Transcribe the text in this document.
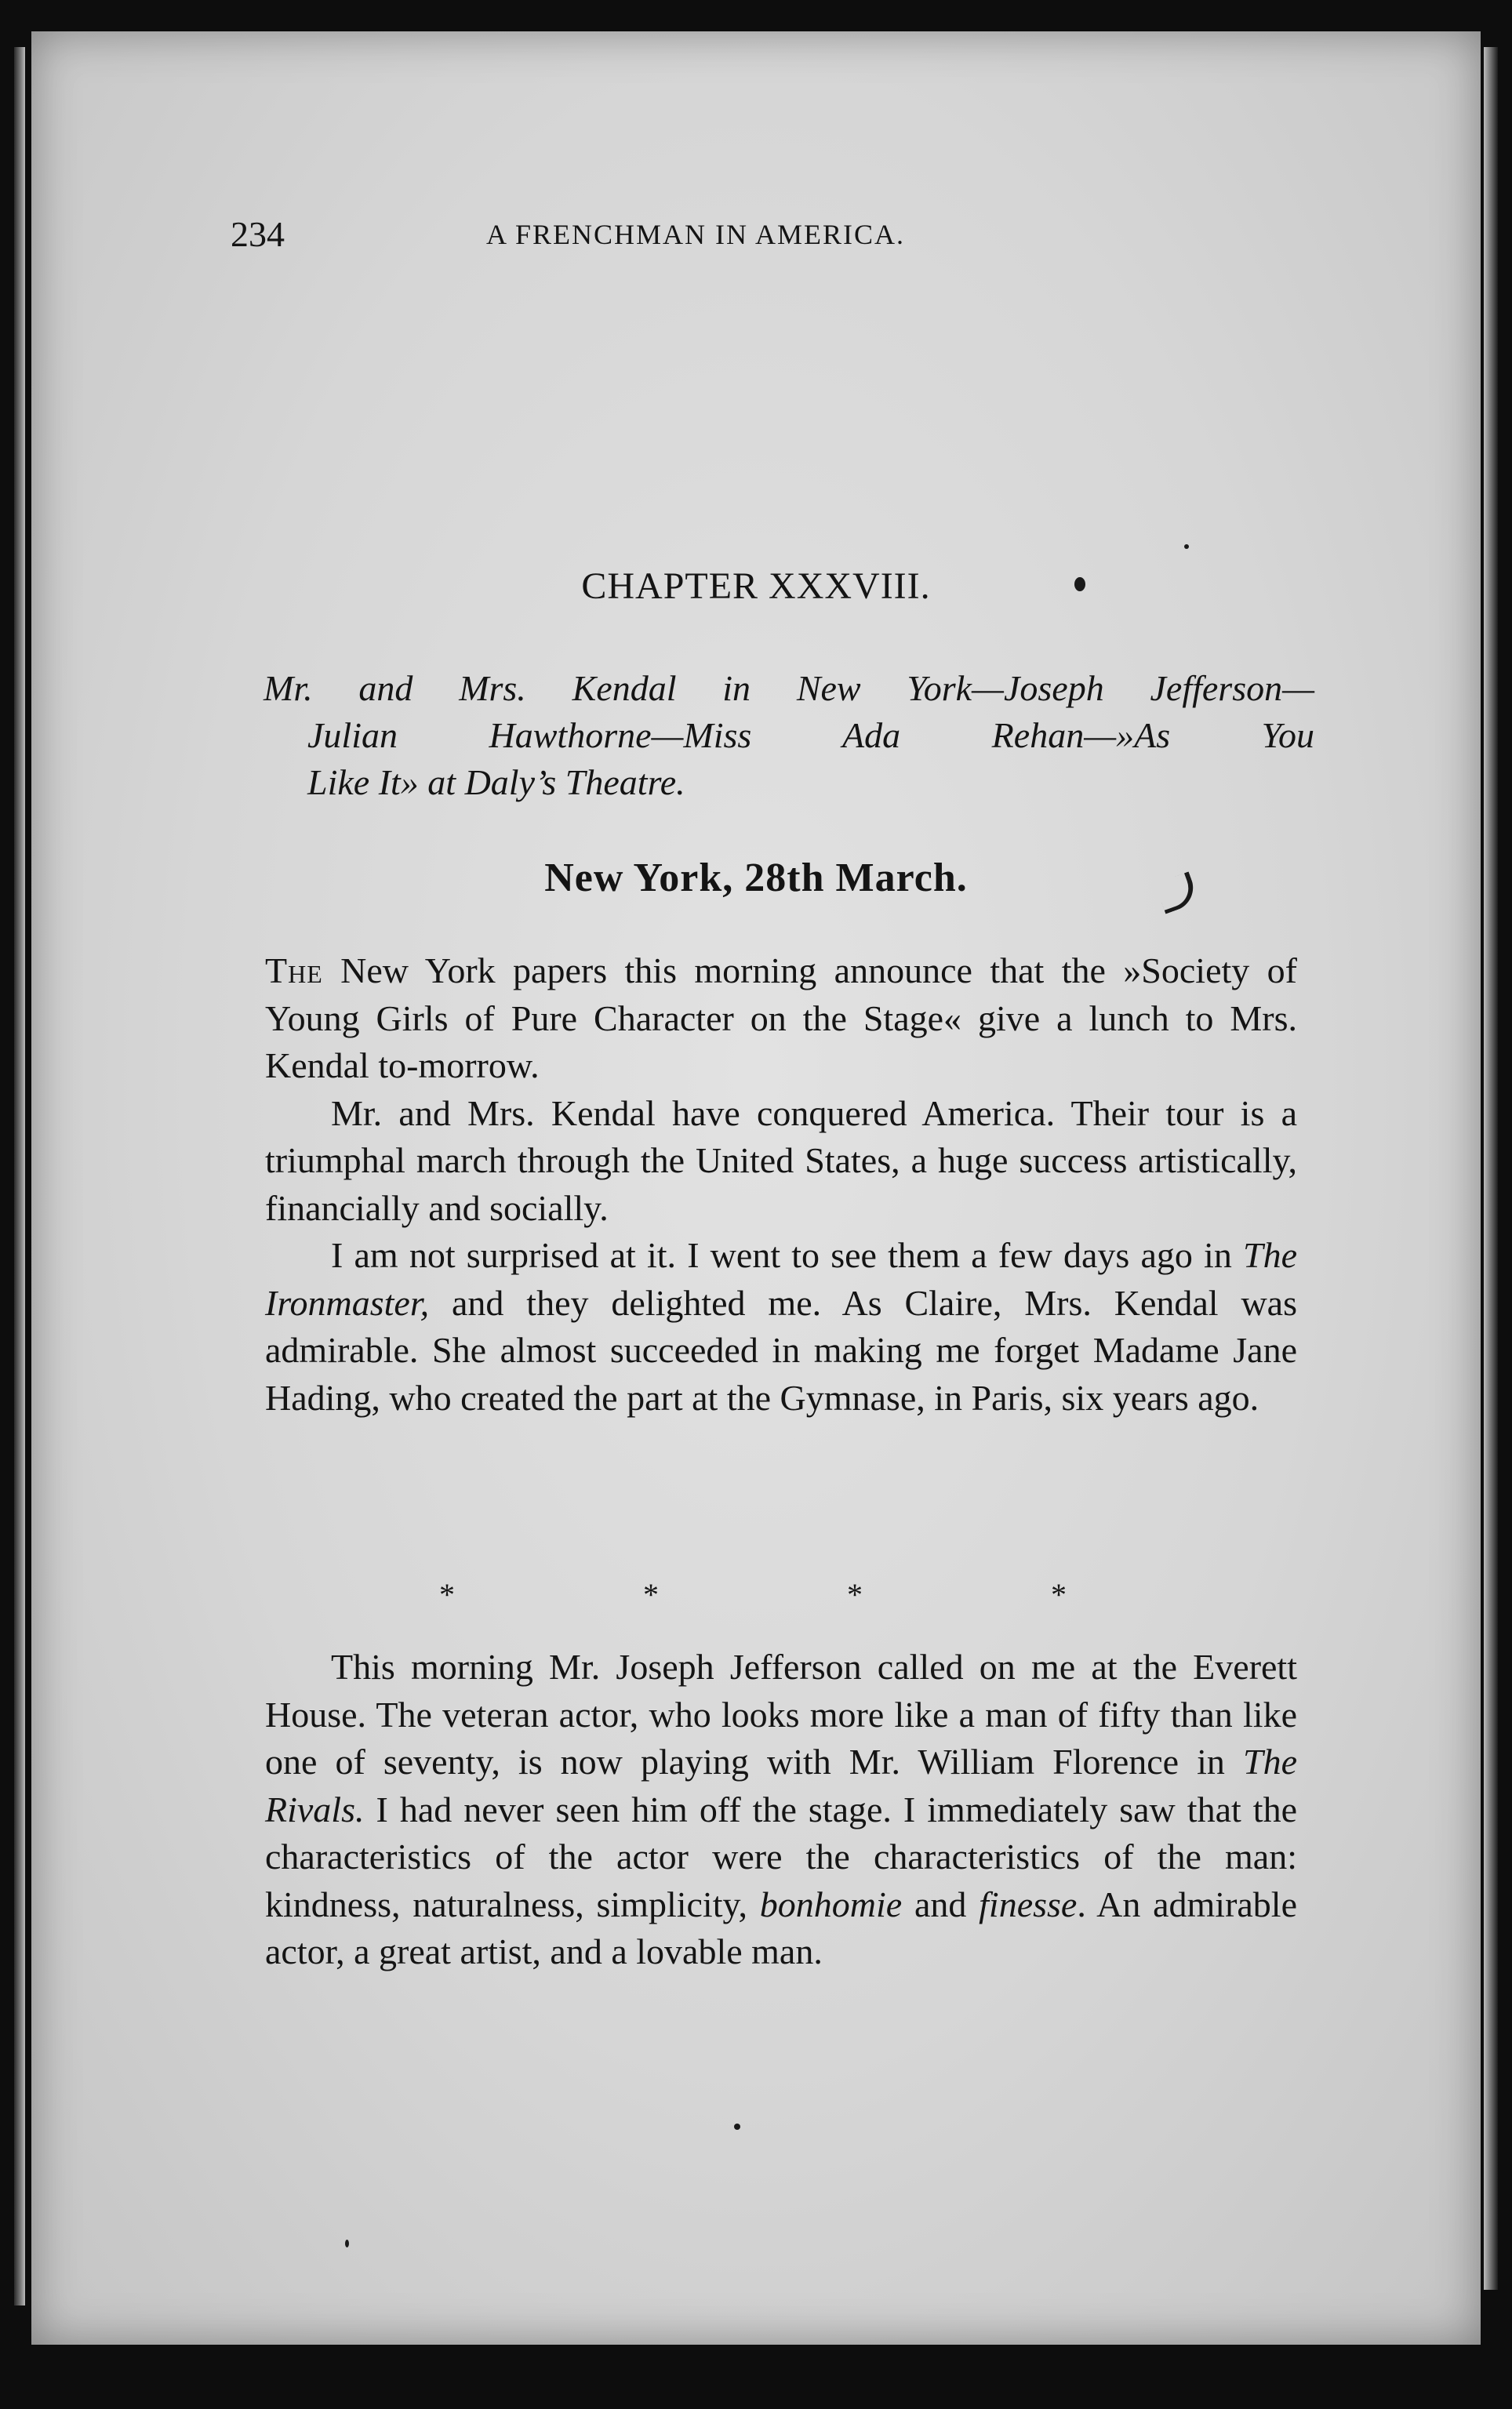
234	A FRENCHMAN IN AMERICA.
CHAPTER XXXVIII.
Mr. and Mrs. Kendal in New York—Joseph Jefferson—
Julian Hawthorne—Miss Ada Rehan—»As You
Like It» at Daly’s Theatre.
New York, 28th March.

The New York papers this morning announce that the »Society of Young Girls of Pure Character on the Stage« give a lunch to Mrs. Kendal to-morrow.

Mr. and Mrs. Kendal have conquered America. Their tour is a triumphal march through the United States, a huge success artistically, financially and socially.

I am not surprised at it. I went to see them a few days ago in The Ironmaster, and they delighted me. As Claire, Mrs. Kendal was admirable. She almost succeeded in making me forget Madame Jane Hading, who created the part at the Gymnase, in Paris, six years ago.

*	*	*	*

This morning Mr. Joseph Jefferson called on me at the Everett House. The veteran actor, who looks more like a man of fifty than like one of seventy, is now playing with Mr. William Florence in The Rivals. I had never seen him off the stage. I immediately saw that the characteristics of the actor were the characteristics of the man: kindness, naturalness, simplicity, bonhomie and finesse. An admirable actor, a great artist, and a lovable man.
